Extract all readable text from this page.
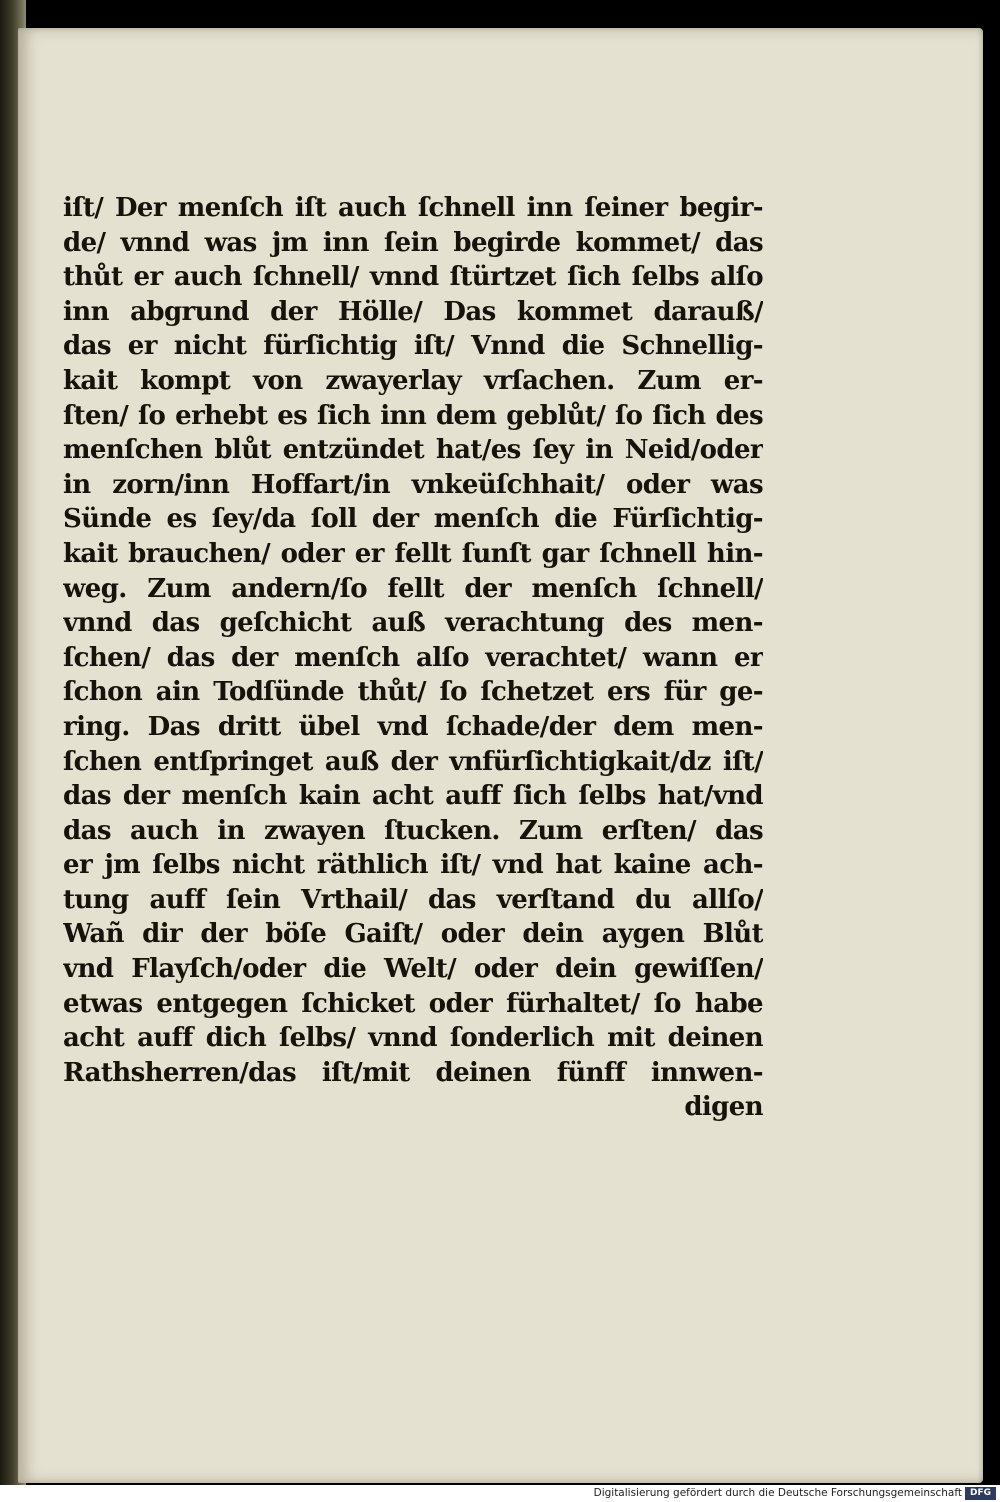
iſt/ Der menſch iſt auch ſchnell inn ſeiner begir-
de/ vnnd was jm inn ſein begirde kommet/ das
thůt er auch ſchnell/ vnnd ſtürtzet ſich ſelbs alſo
inn abgrund der Hölle/ Das kommet darauß/
das er nicht fürſichtig iſt/ Vnnd die Schnellig-
kait kompt von zwayerlay vrſachen. Zum er-
ſten/ ſo erhebt es ſich inn dem geblůt/ ſo ſich des
menſchen blůt entzündet hat/es ſey in Neid/oder
in zorn/inn Hoffart/in vnkeüſchhait/ oder was
Sünde es ſey/da ſoll der menſch die Fürſichtig-
kait brauchen/ oder er fellt ſunſt gar ſchnell hin-
weg. Zum andern/ſo fellt der menſch ſchnell/
vnnd das geſchicht auß verachtung des men-
ſchen/ das der menſch alſo verachtet/ wann er
ſchon ain Todſünde thůt/ ſo ſchetzet ers für ge-
ring. Das dritt übel vnd ſchade/der dem men-
ſchen entſpringet auß der vnfürſichtigkait/dz iſt/
das der menſch kain acht auff ſich ſelbs hat/vnd
das auch in zwayen ſtucken. Zum erſten/ das
er jm ſelbs nicht räthlich iſt/ vnd hat kaine ach-
tung auff ſein Vrthail/ das verſtand du allſo/
Wañ dir der böſe Gaiſt/ oder dein aygen Blůt
vnd Flayſch/oder die Welt/ oder dein gewiſſen/
etwas entgegen ſchicket oder fürhaltet/ ſo habe
acht auff dich ſelbs/ vnnd ſonderlich mit deinen
Rathsherren/das iſt/mit deinen fünff innwen-
digen
Digitalisierung gefördert durch die Deutsche Forschungsgemeinschaft DFG
